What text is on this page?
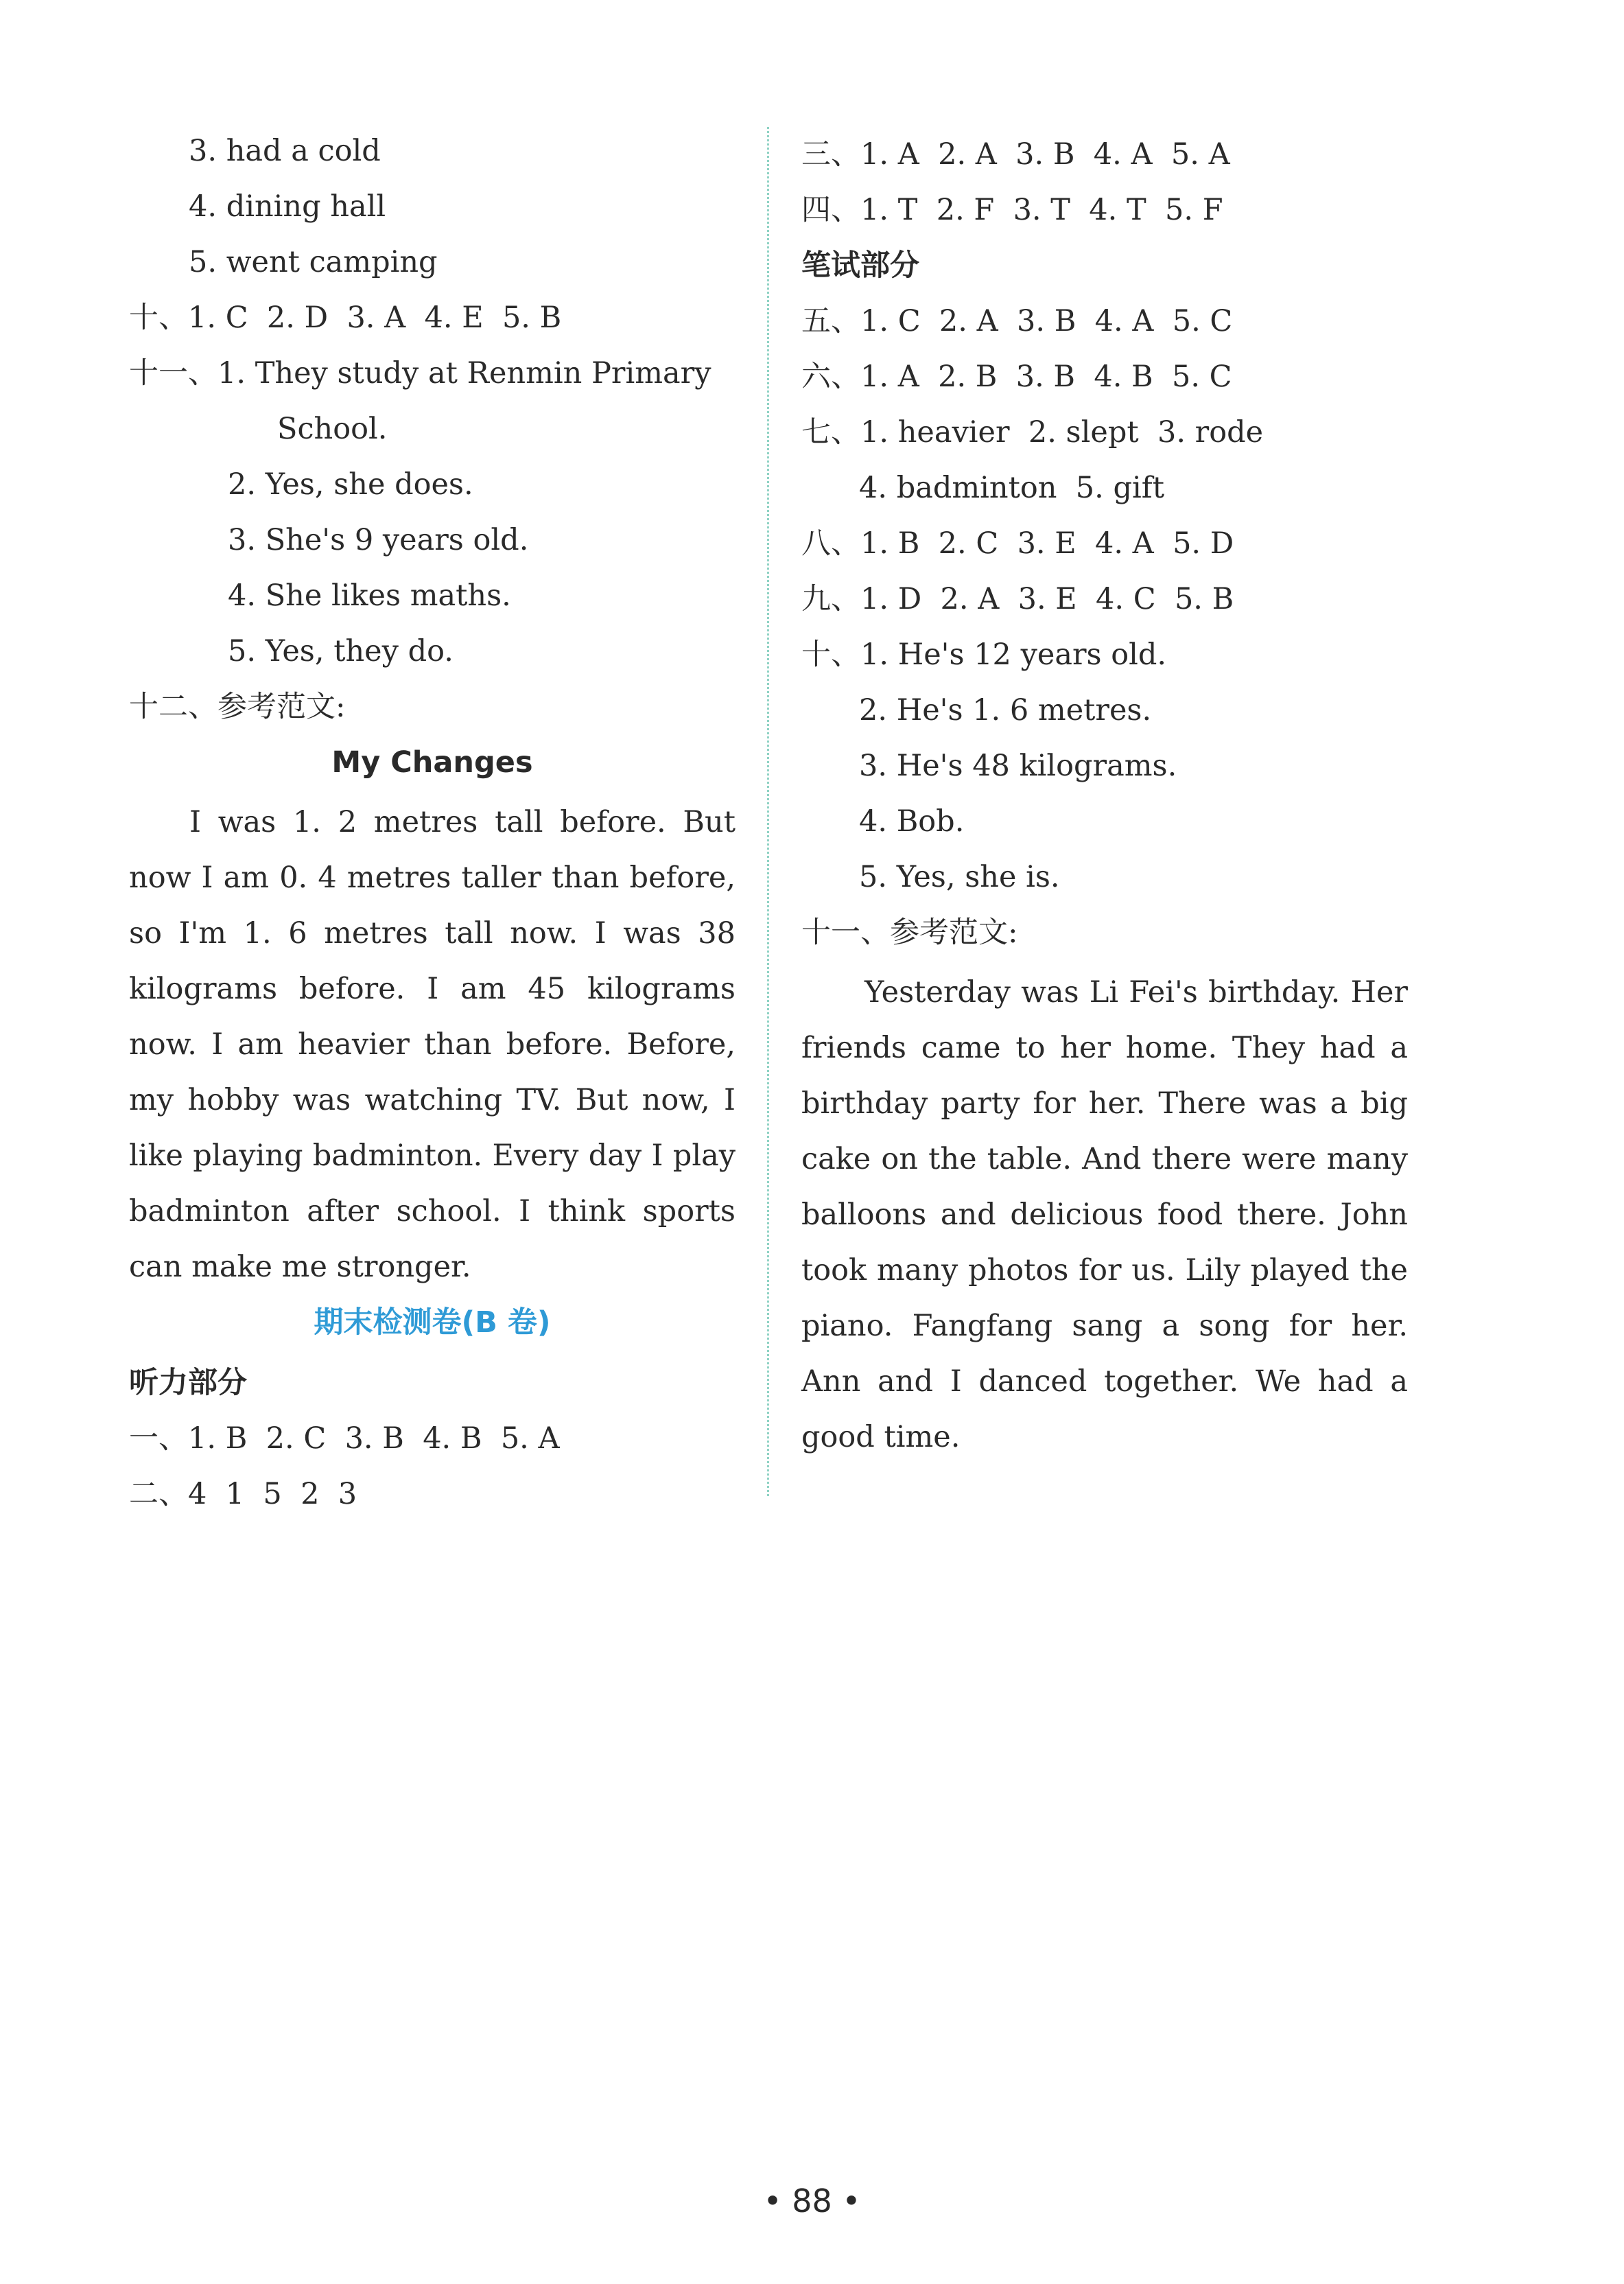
3. had a cold
4. dining hall
5. went camping
十、1. C  2. D  3. A  4. E  5. B
十一、1. They study at Renmin Primary
School.
2. Yes, she does.
3. She's 9 years old.
4. She likes maths.
5. Yes, they do.
十二、参考范文:
My Changes
I was 1. 2 metres tall before. But now I am 0. 4 metres taller than before, so I'm 1. 6 metres tall now. I was 38 kilograms before. I am 45 kilograms now. I am heavier than before. Before, my hobby was watching TV. But now, I like playing badminton. Every day I play badminton after school. I think sports can make me stronger.
期末检测卷(B 卷)
听力部分
一、1. B  2. C  3. B  4. B  5. A
二、4  1  5  2  3
三、1. A  2. A  3. B  4. A  5. A
四、1. T  2. F  3. T  4. T  5. F
笔试部分
五、1. C  2. A  3. B  4. A  5. C
六、1. A  2. B  3. B  4. B  5. C
七、1. heavier  2. slept  3. rode
4. badminton  5. gift
八、1. B  2. C  3. E  4. A  5. D
九、1. D  2. A  3. E  4. C  5. B
十、1. He's 12 years old.
2. He's 1. 6 metres.
3. He's 48 kilograms.
4. Bob.
5. Yes, she is.
十一、参考范文:
Yesterday was Li Fei's birthday. Her friends came to her home. They had a birthday party for her. There was a big cake on the table. And there were many balloons and delicious food there. John took many photos for us. Lily played the piano. Fangfang sang a song for her. Ann and I danced together. We had a good time.
• 88 •
